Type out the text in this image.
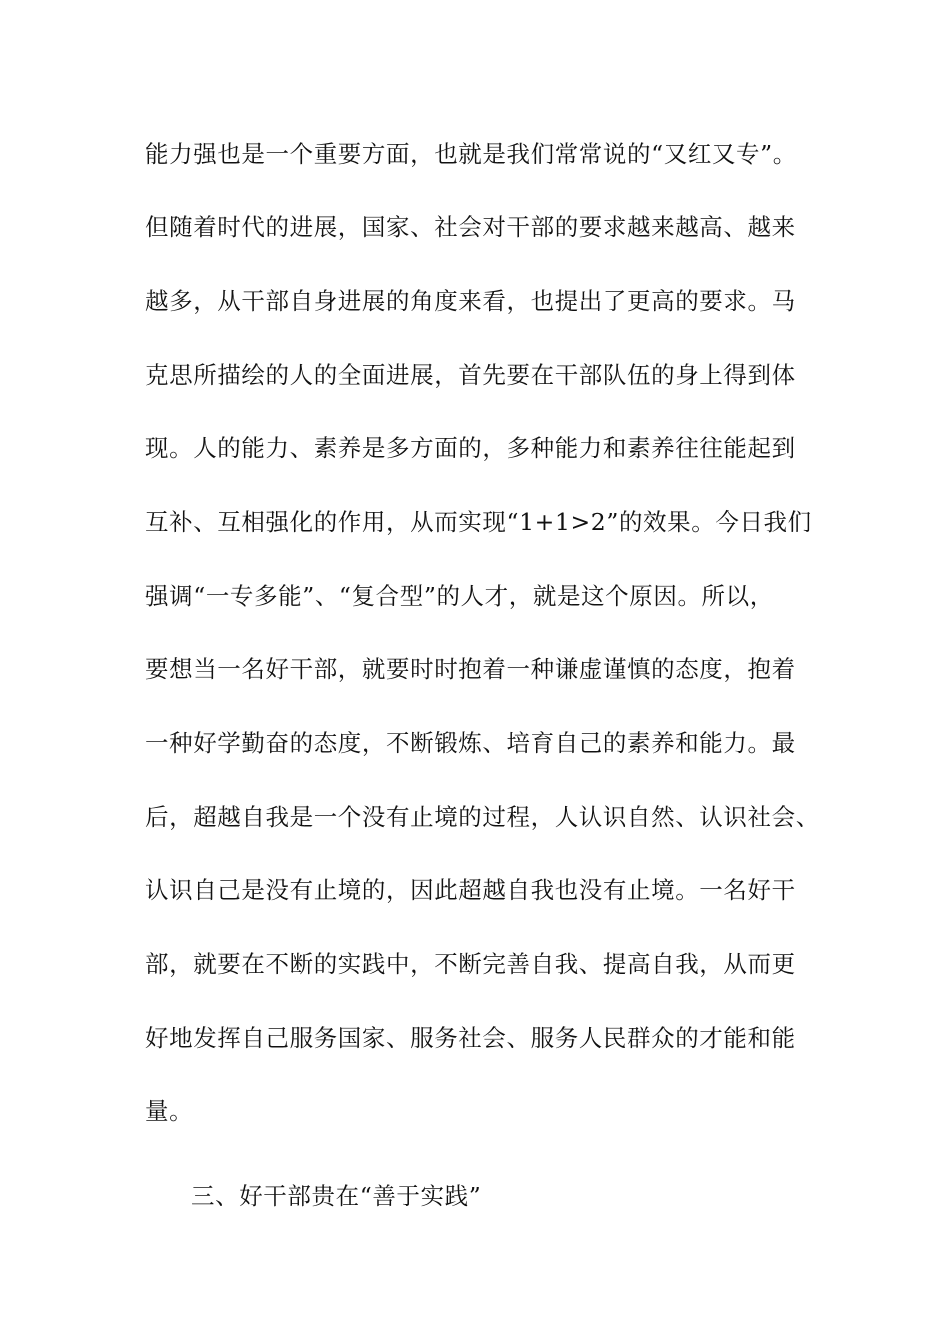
能力强也是一个重要方面，也就是我们常常说的“又红又专”。
但随着时代的进展，国家、社会对干部的要求越来越高、越来
越多，从干部自身进展的角度来看，也提出了更高的要求。马
克思所描绘的人的全面进展，首先要在干部队伍的身上得到体
现。人的能力、素养是多方面的，多种能力和素养往往能起到
互补、互相强化的作用，从而实现“1+1>2”的效果。今日我们
强调“一专多能”、“复合型”的人才，就是这个原因。所以，
要想当一名好干部，就要时时抱着一种谦虚谨慎的态度，抱着
一种好学勤奋的态度，不断锻炼、培育自己的素养和能力。最
后，超越自我是一个没有止境的过程，人认识自然、认识社会、
认识自己是没有止境的，因此超越自我也没有止境。一名好干
部，就要在不断的实践中，不断完善自我、提高自我，从而更
好地发挥自己服务国家、服务社会、服务人民群众的才能和能
量。
三、好干部贵在“善于实践”
